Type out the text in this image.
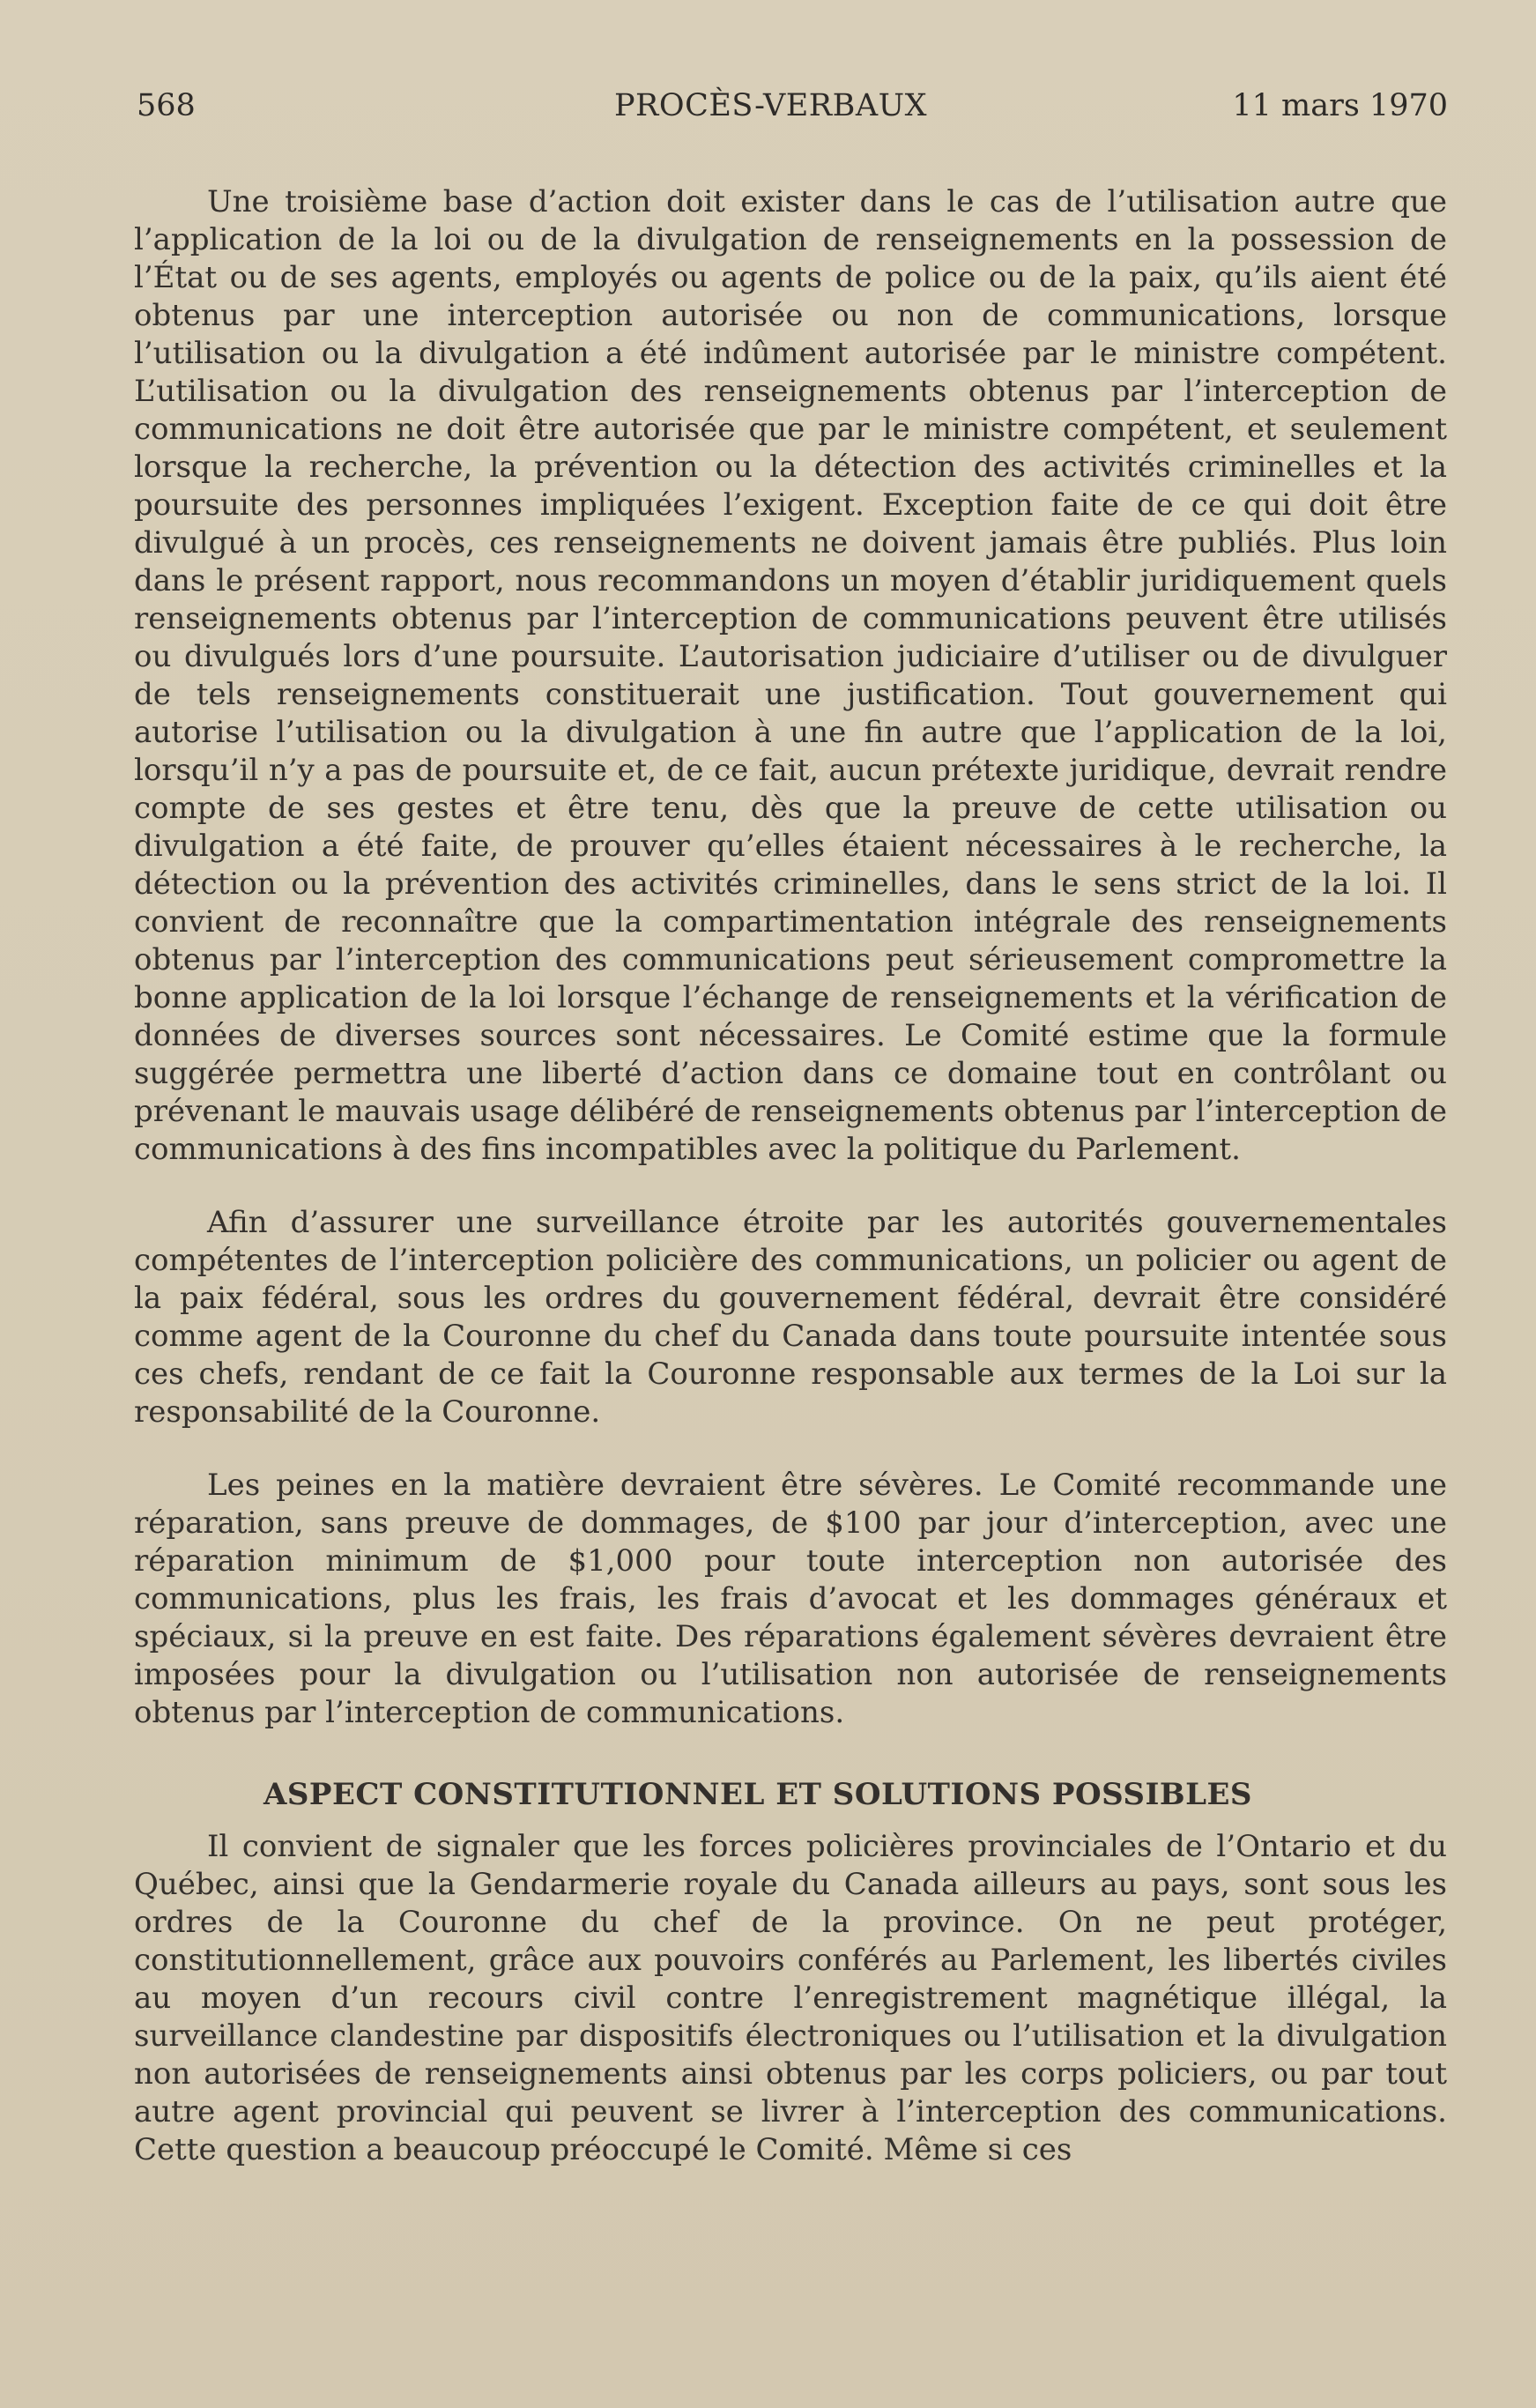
568	PROCÈS-VERBAUX	11 mars 1970

Une troisième base d’action doit exister dans le cas de l’utilisation autre que l’application de la loi ou de la divulgation de renseignements en la possession de l’État ou de ses agents, employés ou agents de police ou de la paix, qu’ils aient été obtenus par une interception autorisée ou non de communications, lorsque l’utilisation ou la divulgation a été indûment autorisée par le ministre compétent. L’utilisation ou la divulgation des renseignements obtenus par l’interception de communications ne doit être autorisée que par le ministre compétent, et seulement lorsque la recherche, la prévention ou la détection des activités criminelles et la poursuite des personnes impliquées l’exigent. Exception faite de ce qui doit être divulgué à un procès, ces renseignements ne doivent jamais être publiés. Plus loin dans le présent rapport, nous recommandons un moyen d’établir juridiquement quels renseignements obtenus par l’interception de communications peuvent être utilisés ou divulgués lors d’une poursuite. L’autorisation judiciaire d’utiliser ou de divulguer de tels renseignements constituerait une justification. Tout gouvernement qui autorise l’utilisation ou la divulgation à une fin autre que l’application de la loi, lorsqu’il n’y a pas de poursuite et, de ce fait, aucun prétexte juridique, devrait rendre compte de ses gestes et être tenu, dès que la preuve de cette utilisation ou divulgation a été faite, de prouver qu’elles étaient nécessaires à le recherche, la détection ou la prévention des activités criminelles, dans le sens strict de la loi. Il convient de reconnaître que la compartimentation intégrale des renseignements obtenus par l’interception des communications peut sérieusement compromettre la bonne application de la loi lorsque l’échange de renseignements et la vérification de données de diverses sources sont nécessaires. Le Comité estime que la formule suggérée permettra une liberté d’action dans ce domaine tout en contrôlant ou prévenant le mauvais usage délibéré de renseignements obtenus par l’interception de communications à des fins incompatibles avec la politique du Parlement.

Afin d’assurer une surveillance étroite par les autorités gouvernementales compétentes de l’interception policière des communications, un policier ou agent de la paix fédéral, sous les ordres du gouvernement fédéral, devrait être considéré comme agent de la Couronne du chef du Canada dans toute poursuite intentée sous ces chefs, rendant de ce fait la Couronne responsable aux termes de la Loi sur la responsabilité de la Couronne.

Les peines en la matière devraient être sévères. Le Comité recommande une réparation, sans preuve de dommages, de $100 par jour d’interception, avec une réparation minimum de $1,000 pour toute interception non autorisée des communications, plus les frais, les frais d’avocat et les dommages généraux et spéciaux, si la preuve en est faite. Des réparations également sévères devraient être imposées pour la divulgation ou l’utilisation non autorisée de renseignements obtenus par l’interception de communications.

ASPECT CONSTITUTIONNEL ET SOLUTIONS POSSIBLES

Il convient de signaler que les forces policières provinciales de l’Ontario et du Québec, ainsi que la Gendarmerie royale du Canada ailleurs au pays, sont sous les ordres de la Couronne du chef de la province. On ne peut protéger, constitutionnellement, grâce aux pouvoirs conférés au Parlement, les libertés civiles au moyen d’un recours civil contre l’enregistrement magnétique illégal, la surveillance clandestine par dispositifs électroniques ou l’utilisation et la divulgation non autorisées de renseignements ainsi obtenus par les corps policiers, ou par tout autre agent provincial qui peuvent se livrer à l’interception des communications. Cette question a beaucoup préoccupé le Comité. Même si ces
